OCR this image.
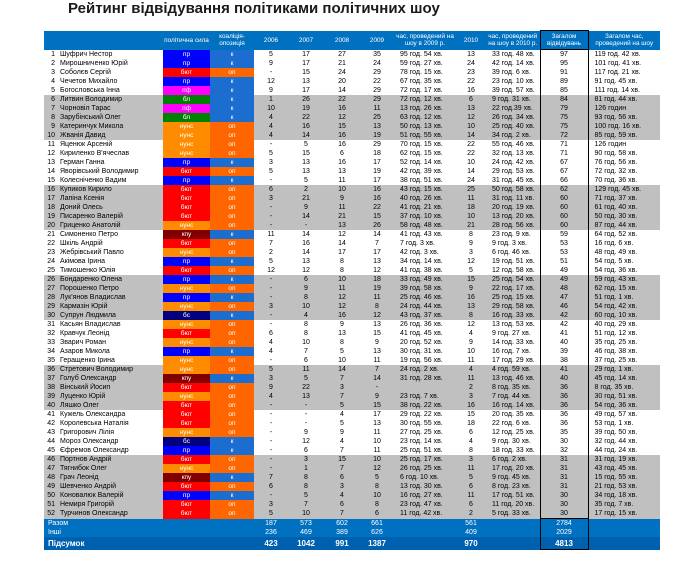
Рейтинг відвідування політиками політичних шоу
		політична сила	коаліція-опозиція	2006	2007	2008	2009	час, проведений на шоу в 2009 р.	2010	час, проведений на шоу в 2010 р.	Загалом відвідувань	Загалом час, проведений на шоу
1	Шуфрич Нестор	пр	к	5	17	27	35	95 год. 54 хв.	13	33 год. 48 хв.	97	119 год. 42 хв.
2	Мирошниченко Юрій	пр	к	9	17	21	24	59 год. 27 хв.	24	42 год. 14 хв.	95	101 год. 41 хв.
3	Соболєв Сергій	бют	оп	-	15	24	29	78 год. 15 хв.	23	39 год. 6 хв.	91	117 год. 21 хв.
4	Чечетов Михайло	пр	к	12	13	20	22	67 год. 35 хв.	22	23 год. 10 хв.	89	91 год. 45 хв.
5	Богословська Інна	пф	к	9	17	14	29	72 год. 17 хв.	16	39 год. 57 хв.	85	111 год. 14 хв.
6	Литвин Володимир	бл	к	1	26	22	29	72 год. 12 хв.	6	9 год. 31 хв.	84	81 год. 44 хв.
7	Чорновіл Тарас	пф	к	10	19	16	11	13 год. 26 хв.	13	22 год.39 хв.	79	126 годин
8	Зарубінський Олег	бл	к	4	22	12	25	63 год. 12 хв.	12	26 год. 34 хв.	75	93 год. 56 хв.
9	Катеринчук Микола	нунс	оп	4	16	15	13	50 год. 13 хв.	10	25 год. 40 хв.	75	100 год. 16 хв.
10	Жванія Давид	нунс	оп	4	14	16	19	51 год. 55 хв.	14	34 год. 2 хв.	72	85 год. 59 хв.
11	Яценюк Арсеній	нунс	оп	-	5	16	29	70 год. 15 хв.	22	55 год. 46 хв.	71	126 годин
12	Кириленко В'ячеслав	нунс	оп	5	15	6	18	62 год. 15 хв.	22	32 год. 13 хв.	71	90 год. 58 хв.
13	Герман Ганна	пр	к	3	13	16	17	52 год. 14 хв.	10	24 год. 42 хв.	67	76 год. 56 хв.
14	Яворівський Володимир	бют	оп	5	13	13	19	42 год. 39 хв.	14	29 год. 53 хв.	67	72 год. 32 хв.
15	Колесніченко Вадим	пр	к	-	5	11	17	38 год. 51 хв.	24	31 год. 45 хв.	66	70 год. 36 хв.
16	Купиков Кирило	бют	оп	6	2	10	16	43 год. 15 хв.	25	50 год. 58 хв.	62	129 год. 45 хв.
17	Лапіна Ксенія	бют	оп	3	21	9	16	40 год. 26 хв.	11	31 год. 11 хв.	60	71 год. 37 хв.
18	Доний Олесь	бют	оп	-	9	11	22	41 год. 21 хв.	18	20 год. 19 хв.	60	61 год. 40 хв.
19	Писаренко Валерій	бют	оп	-	14	21	15	37 год. 10 хв.	10	13 год. 20 хв.	60	50 год. 30 хв.
20	Гриценко Анатолій	нунс	оп	-	-	13	26	58 год. 48 хв.	21	28 год. 56 хв.	60	87 год. 44 хв.
21	Симоненко Петро	кпу	к	11	14	12	14	41 год. 43 хв.	8	23 год. 9 хв.	59	64 год. 52 хв.
22	Шкіль Андрій	бют	оп	7	16	14	7	7 год. 3 хв.	9	9 год. 3 хв.	53	16 год. 6 хв.
23	Жебрівський Павло	нунс	оп	2	14	17	17	42 год. 3 хв.	3	6 год. 46 хв.	53	48 год. 49 хв.
24	Акімова Ірина	пр	к	5	13	8	13	34 год. 14 хв.	12	19 год. 51 хв.	51	54 год. 5 хв.
25	Тимошенко Юлія	бют	оп	12	12	8	12	41 год. 38 хв.	5	12 год. 58 хв.	49	54 год. 36 хв.
26	Бондаренко Олена	пр	к	-	6	10	18	33 год. 49 хв.	15	25 год. 54 хв.	49	59 год. 43 хв.
27	Порошенко Петро	нунс	оп	-	9	11	19	39 год. 58 хв.	9	22 год. 17 хв.	48	62 год. 15 хв.
28	Лук'янов Владислав	пр	к	-	8	12	11	25 год. 46 хв.	16	25 год. 15 хв.	47	51 год. 1 хв.
29	Кармазін Юрій	нунс	оп	3	10	12	8	24 год. 44 хв.	13	29 год. 58 хв.	46	54 год. 42 хв.
30	Супрун Людмила	бс	к	-	4	16	12	43 год. 37 хв.	8	16 год. 33 хв.	42	60 год. 10 хв.
31	Касьян Владислав	нунс	оп	-	8	9	13	26 год. 36 хв.	12	13 год. 53 хв.	42	40 год. 29 хв.
32	Кравчук Леонід	бют	оп	6	8	13	15	41 год. 45 хв.	4	9 год. 27 хв.	41	51 год. 12 хв.
33	Зварич Роман	нунс	оп	4	10	8	9	20 год. 52 хв.	9	14 год. 33 хв.	40	35 год. 25 хв.
34	Азаров Микола	пр	к	4	7	5	13	30 год. 31 хв.	10	16 год. 7 хв.	39	46 год. 38 хв.
35	Геращенко Ірина	нунс	оп	-	6	10	11	19 год. 56 хв.	11	17 год. 29 хв.	38	37 год. 25 хв.
36	Стретович Володимир	нунс	оп	5	11	14	7	24 год. 2 хв.	4	4 год. 59 хв.	41	29 год. 1 хв.
37	Голуб Олександр	кпу	к	3	5	7	14	31 год. 28 хв.	11	13 год. 46 хв.	40	45 год. 14 хв.
38	Вінський Йосип	бют	оп	9	22	3	-		2	8 год. 35 хв.	36	8 год. 35 хв.
39	Луценко Юрій	нунс	оп	4	13	7	9	23 год. 7 хв.	3	7 год. 44 хв.	36	30 год. 51 хв.
40	Ляшко Олег	бют	оп	-	-	5	15	38 год. 22 хв.	16	16 год. 14 хв.	36	54 год. 36 хв.
41	Кужель Олександра	бют	оп	-	-	4	17	29 год. 22 хв.	15	20 год. 35 хв.	36	49 год. 57 хв.
42	Королевська Наталія	бют	оп	-	-	5	13	30 год. 55 хв.	18	22 год. 6 хв.	36	53 год. 1 хв.
43	Григорович Лілія	нунс	оп	-	9	9	11	27 год. 25 хв.	6	12 год. 25 хв.	35	39 год. 50 хв.
44	Мороз Олександр	бс	к	-	12	4	10	23 год. 14 хв.	4	9 год. 30 хв.	30	32 год. 44 хв.
45	Єфремов Олександр	пр	к	-	6	7	11	25 год. 51 хв.	8	18 год. 33 хв.	32	44 год. 24 хв.
46	Портнов Андрій	бют	оп	-	3	15	10	25 год. 17 хв.	3	6 год. 2 хв.	31	31 год. 19 хв.
47	Тягнибок Олег	нунс	оп	-	1	7	12	26 год. 25 хв.	11	17 год. 20 хв.	31	43 год. 45 хв.
48	Грач Леонід	кпу	к	7	8	6	5	6 год. 10 хв.	5	9 год. 45 хв.	31	15 год. 55 хв.
49	Шевченко Андрій	бют	оп	6	8	3	8	13 год. 30 хв.	6	8 год. 23 хв.	31	21 год. 53 хв.
50	Коновалюк Валерій	пр	к	-	5	4	10	16 год. 27 хв.	11	17 год. 51 хв.	30	34 год. 18 хв.
51	Немиря Григорій	бют	оп	3	7	6	8	23 год. 47 хв.	6	11 год. 20 хв.	30	35 год. 7 хв.
52	Турчинов Олександр	бют	оп	5	10	7	6	11 год. 42 хв.	2	5 год. 33 хв.	30	17 год. 15 хв.
Разом				187	573	602	661		561		2784	
Інші				236	469	389	626		409		2029	
Підсумок				423	1042	991	1387		970		4813	
